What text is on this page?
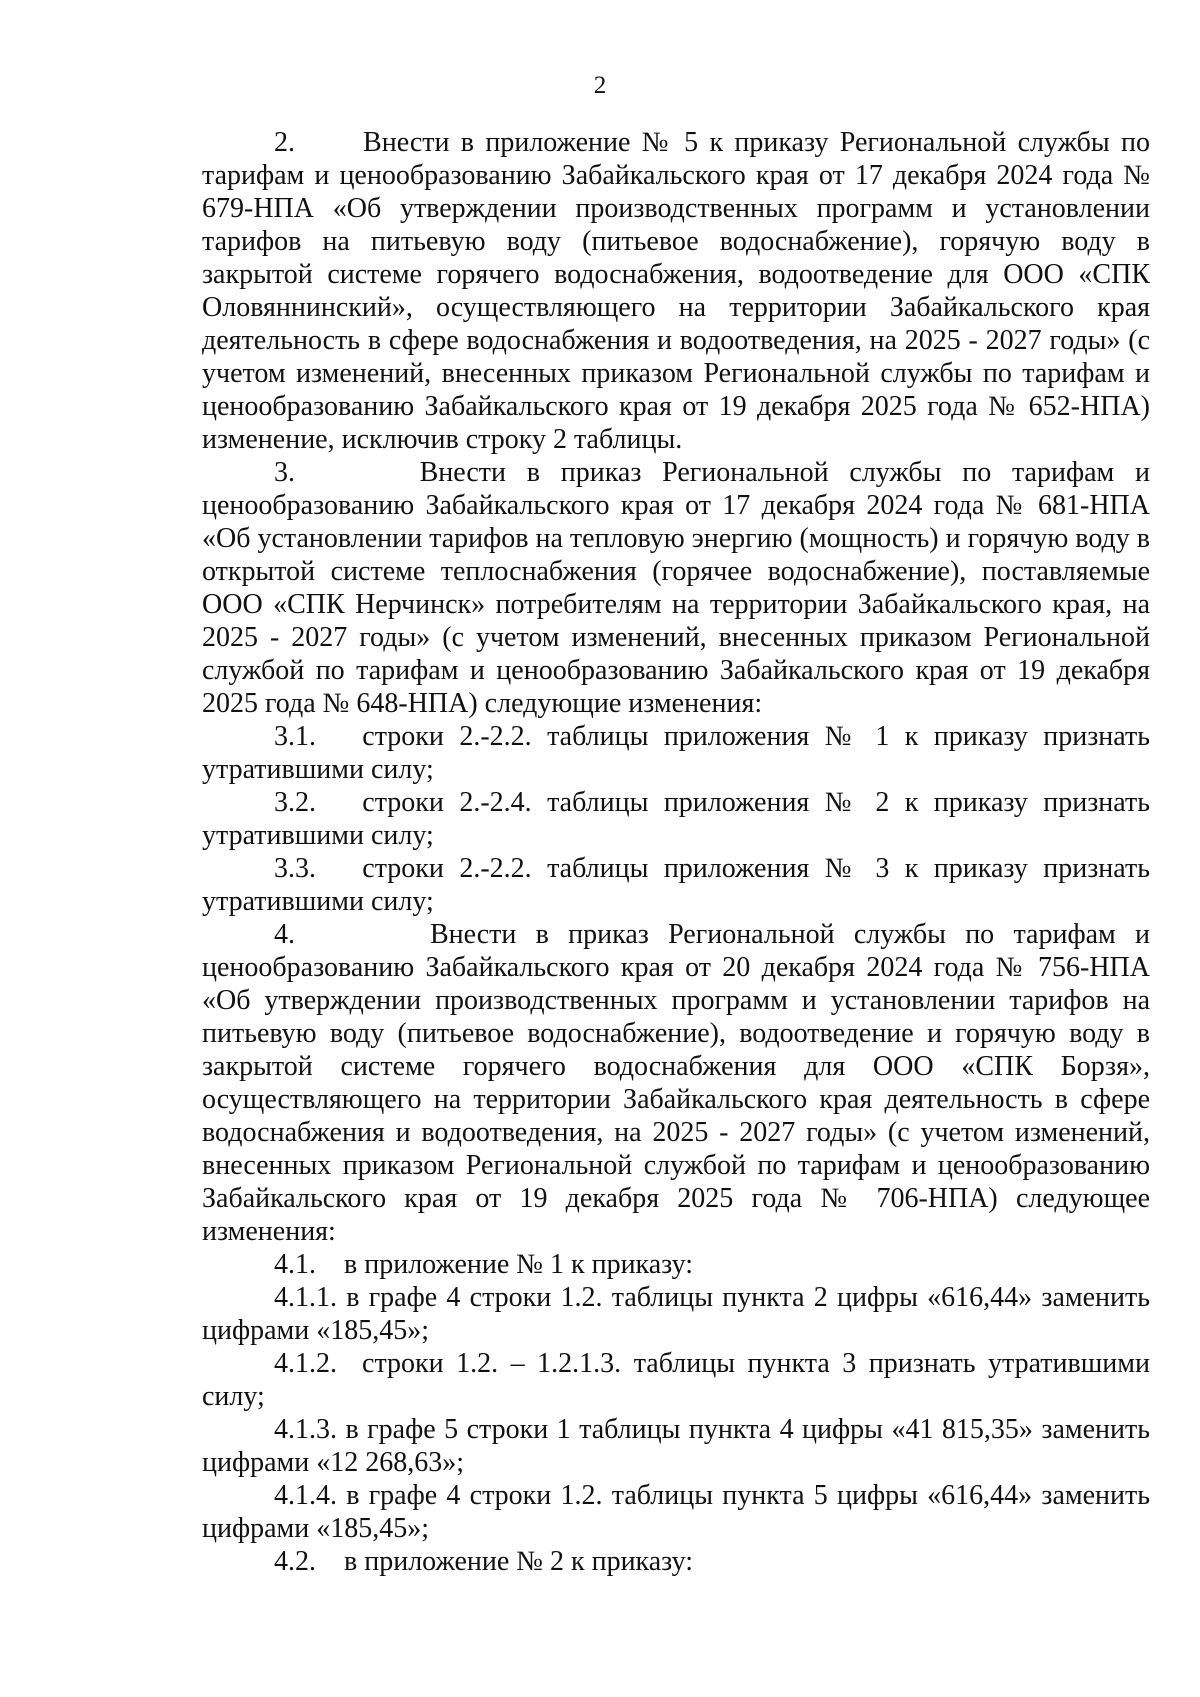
2

2.      Внести в приложение № 5 к приказу Региональной службы по тарифам и ценообразованию Забайкальского края от 17 декабря 2024 года № 679-НПА «Об утверждении производственных программ и установлении тарифов на питьевую воду (питьевое водоснабжение), горячую воду в закрытой системе горячего водоснабжения, водоотведение для ООО «СПК Оловяннинский», осуществляющего на территории Забайкальского края деятельность в сфере водоснабжения и водоотведения, на 2025 - 2027 годы» (с учетом изменений, внесенных приказом Региональной службы по тарифам и ценообразованию Забайкальского края от 19 декабря 2025 года № 652-НПА) изменение, исключив строку 2 таблицы.

3.      Внести в приказ Региональной службы по тарифам и ценообразованию Забайкальского края от 17 декабря 2024 года № 681-НПА «Об установлении тарифов на тепловую энергию (мощность) и горячую воду в открытой системе теплоснабжения (горячее водоснабжение), поставляемые ООО «СПК Нерчинск» потребителям на территории Забайкальского края, на 2025 - 2027 годы» (с учетом изменений, внесенных приказом Региональной службой по тарифам и ценообразованию Забайкальского края от 19 декабря 2025 года № 648-НПА) следующие изменения:

3.1.   строки 2.-2.2. таблицы приложения № 1 к приказу признать утратившими силу;

3.2.   строки 2.-2.4. таблицы приложения № 2 к приказу признать утратившими силу;

3.3.   строки 2.-2.2. таблицы приложения № 3 к приказу признать утратившими силу;

4.       Внести в приказ Региональной службы по тарифам и ценообразованию Забайкальского края от 20 декабря 2024 года № 756-НПА «Об утверждении производственных программ и установлении тарифов на питьевую воду (питьевое водоснабжение), водоотведение и горячую воду в закрытой системе горячего водоснабжения для ООО «СПК Борзя», осуществляющего на территории Забайкальского края деятельность в сфере водоснабжения и водоотведения, на 2025 - 2027 годы» (с учетом изменений, внесенных приказом Региональной службой по тарифам и ценообразованию Забайкальского края от 19 декабря 2025 года № 706-НПА) следующее изменения:

4.1.    в приложение № 1 к приказу:

4.1.1. в графе 4 строки 1.2. таблицы пункта 2 цифры «616,44» заменить цифрами «185,45»;

4.1.2.  строки 1.2. – 1.2.1.3. таблицы пункта 3 признать утратившими силу;

4.1.3. в графе 5 строки 1 таблицы пункта 4 цифры «41 815,35» заменить цифрами «12 268,63»;

4.1.4. в графе 4 строки 1.2. таблицы пункта 5 цифры «616,44» заменить цифрами «185,45»;

4.2.    в приложение № 2 к приказу:
